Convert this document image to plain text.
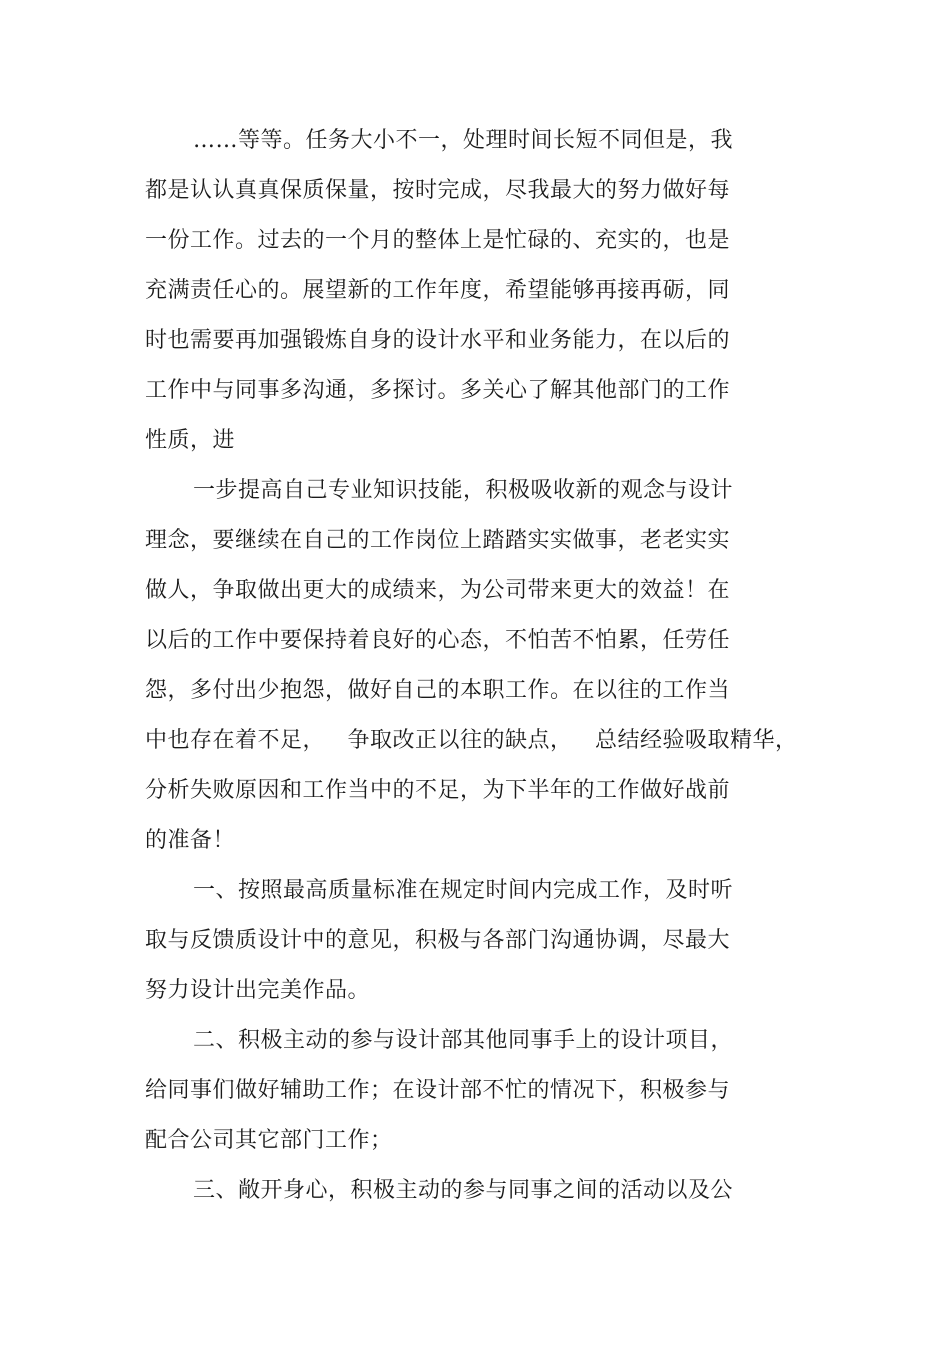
……等等。任务大小不一，处理时间长短不同但是，我
都是认认真真保质保量，按时完成，尽我最大的努力做好每
一份工作。过去的一个月的整体上是忙碌的、充实的，也是
充满责任心的。展望新的工作年度，希望能够再接再砺，同
时也需要再加强锻炼自身的设计水平和业务能力，在以后的
工作中与同事多沟通，多探讨。多关心了解其他部门的工作
性质，进
一步提高自己专业知识技能，积极吸收新的观念与设计
理念，要继续在自己的工作岗位上踏踏实实做事，老老实实
做人，争取做出更大的成绩来，为公司带来更大的效益！在
以后的工作中要保持着良好的心态，不怕苦不怕累，任劳任
怨，多付出少抱怨，做好自己的本职工作。在以往的工作当
中也存在着不足，   争取改正以往的缺点，   总结经验吸取精华，
分析失败原因和工作当中的不足，为下半年的工作做好战前
的准备！
一、按照最高质量标准在规定时间内完成工作，及时听
取与反馈质设计中的意见，积极与各部门沟通协调，尽最大
努力设计出完美作品。
二、积极主动的参与设计部其他同事手上的设计项目，
给同事们做好辅助工作；在设计部不忙的情况下，积极参与
配合公司其它部门工作；
三、敞开身心，积极主动的参与同事之间的活动以及公
